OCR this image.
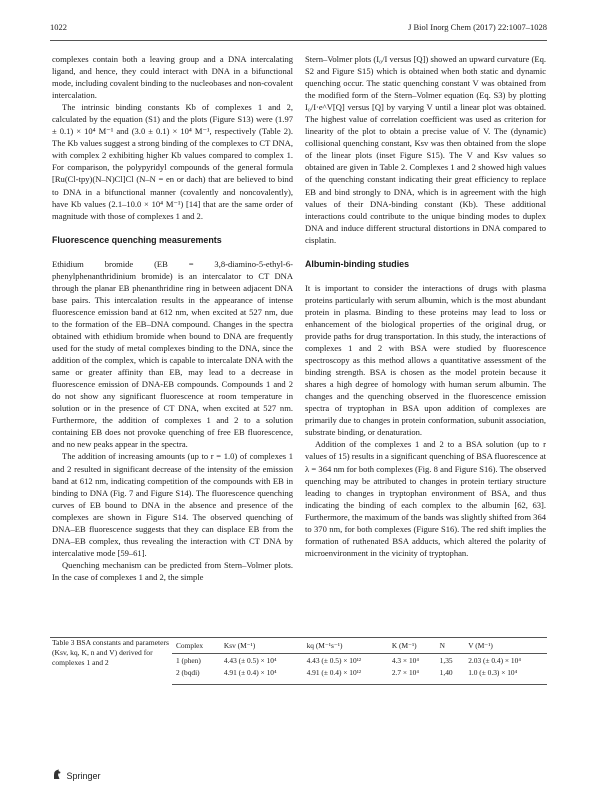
1022	J Biol Inorg Chem (2017) 22:1007–1028

complexes contain both a leaving group and a DNA intercalating ligand, and hence, they could interact with DNA in a bifunctional mode, including covalent binding to the nucleobases and non-covalent intercalation.

The intrinsic binding constants Kb of complexes 1 and 2, calculated by the equation (S1) and the plots (Figure S13) were (1.97 ± 0.1) × 10⁴ M⁻¹ and (3.0 ± 0.1) × 10⁴ M⁻¹, respectively (Table 2). The Kb values suggest a strong binding of the complexes to CT DNA, with complex 2 exhibiting higher Kb values compared to complex 1. For comparison, the polypyridyl compounds of the general formula [Ru(Cl-tpy)(N–N)Cl]Cl (N–N = en or dach) that are believed to bind to DNA in a bifunctional manner (covalently and noncovalently), have Kb values (2.1–10.0 × 10⁴ M⁻¹) [14] that are the same order of magnitude with those of complexes 1 and 2.

Fluorescence quenching measurements

Ethidium bromide (EB = 3,8-diamino-5-ethyl-6-phenylphenanthridinium bromide) is an intercalator to CT DNA through the planar EB phenanthridine ring in between adjacent DNA base pairs. This intercalation results in the appearance of intense fluorescence emission band at 612 nm, when excited at 527 nm, due to the formation of the EB–DNA compound. Changes in the spectra obtained with ethidium bromide when bound to DNA are frequently used for the study of metal complexes binding to the DNA, since the addition of the complex, which is capable to intercalate DNA with the same or greater affinity than EB, may lead to a decrease in fluorescence emission of DNA-EB compounds. Compounds 1 and 2 do not show any significant fluorescence at room temperature in solution or in the presence of CT DNA, when excited at 527 nm. Furthermore, the addition of complexes 1 and 2 to a solution containing EB does not provoke quenching of free EB fluorescence, and no new peaks appear in the spectra.

The addition of increasing amounts (up to r = 1.0) of complexes 1 and 2 resulted in significant decrease of the intensity of the emission band at 612 nm, indicating competition of the compounds with EB in binding to DNA (Fig. 7 and Figure S14). The fluorescence quenching curves of EB bound to DNA in the absence and presence of the complexes are shown in Figure S14. The observed quenching of DNA–EB fluorescence suggests that they can displace EB from the DNA–EB complex, thus revealing the interaction with CT DNA by intercalative mode [59–61].

Quenching mechanism can be predicted from Stern–Volmer plots. In the case of complexes 1 and 2, the simple

Stern–Volmer plots (I₀/I versus [Q]) showed an upward curvature (Eq. S2 and Figure S15) which is obtained when both static and dynamic quenching occur. The static quenching constant V was obtained from the modified form of the Stern–Volmer equation (Eq. S3) by plotting I₀/I·e^V[Q] versus [Q] by varying V until a linear plot was obtained. The highest value of correlation coefficient was used as criterion for linearity of the plot to obtain a precise value of V. The (dynamic) collisional quenching constant, Ksv was then obtained from the slope of the linear plots (inset Figure S15). The V and Ksv values so obtained are given in Table 2. Complexes 1 and 2 showed high values of the quenching constant indicating their great efficiency to replace EB and bind strongly to DNA, which is in agreement with the high values of their DNA-binding constant (Kb). These additional interactions could contribute to the unique binding modes to duplex DNA and induce different structural distortions in DNA compared to cisplatin.

Albumin-binding studies

It is important to consider the interactions of drugs with plasma proteins particularly with serum albumin, which is the most abundant protein in plasma. Binding to these proteins may lead to loss or enhancement of the biological properties of the original drug, or provide paths for drug transportation. In this study, the interactions of complexes 1 and 2 with BSA were studied by fluorescence spectroscopy as this method allows a quantitative assessment of the binding strength. BSA is chosen as the model protein because it shares a high degree of homology with human serum albumin. The changes and the quenching observed in the fluorescence emission spectra of tryptophan in BSA upon addition of complexes are primarily due to changes in protein conformation, subunit association, substrate binding, or denaturation.

Addition of the complexes 1 and 2 to a BSA solution (up to r values of 15) results in a significant quenching of BSA fluorescence at λ = 364 nm for both complexes (Fig. 8 and Figure S16). The observed quenching may be attributed to changes in protein tertiary structure leading to changes in tryptophan environment of BSA, and thus indicating the binding of each complex to the albumin [62, 63]. Furthermore, the maximum of the bands was slightly shifted from 364 to 370 nm, for both complexes (Figure S16). The red shift implies the formation of ruthenated BSA adducts, which altered the polarity of microenvironment in the vicinity of tryptophan.

Table 3 BSA constants and parameters (Ksv, kq, K, n and V) derived for complexes 1 and 2
Complex	Ksv (M⁻¹)	kq (M⁻¹s⁻¹)	K (M⁻¹)	N	V (M⁻¹)
1 (phen)	4.43 (± 0.5) × 10⁴	4.43 (± 0.5) × 10¹²	4.3 × 10⁴	1,35	2.03 (± 0.4) × 10⁴
2 (bqdi)	4.91 (± 0.4) × 10⁴	4.91 (± 0.4) × 10¹²	2.7 × 10⁴	1,40	1.0 (± 0.3) × 10⁴
Springer
